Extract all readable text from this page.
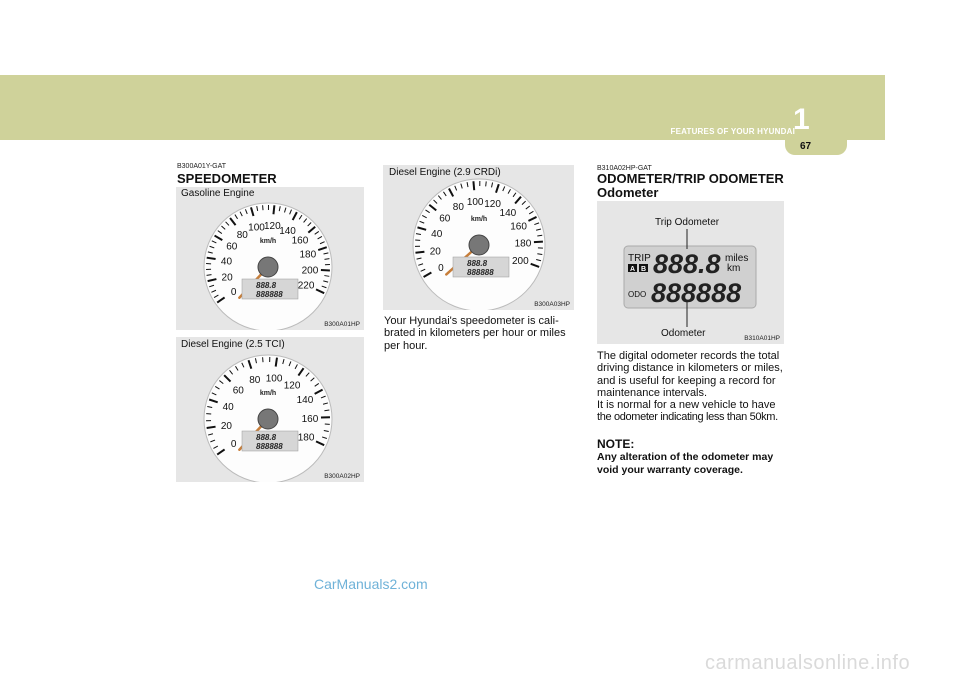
FEATURES OF YOUR HYUNDAI
1
67
B300A01Y-GAT
SPEEDOMETER
Gasoline Engine
0
20
40
60
80
100 120
140
160
180
200
220
km/h
888.8
888888
B300A01HP
Diesel Engine (2.5 TCI)
0
20
40
60
80 100
120
140
160
180
km/h
888.8
888888
B300A02HP
Diesel Engine (2.9 CRDi)
0
20
40
60
80 100 120
140
160
180
200
km/h
888.8
888888
B300A03HP
Your Hyundai's speedometer is cali-
brated in kilometers per hour or miles
per hour.
B310A02HP-GAT
ODOMETER/TRIP ODOMETER
Odometer
TRIP
A B 888.8 miles
km
ODO 888888
Trip Odometer
Odometer	B310A01HP
The digital odometer records the total
driving distance in kilometers or miles,
and is useful for keeping a record for
maintenance intervals.
It is normal for a new vehicle to have
the odometer indicating less than 50km.
NOTE:
Any alteration of the odometer may
void your warranty coverage.
CarManuals2.com
carmanualsonline.info
